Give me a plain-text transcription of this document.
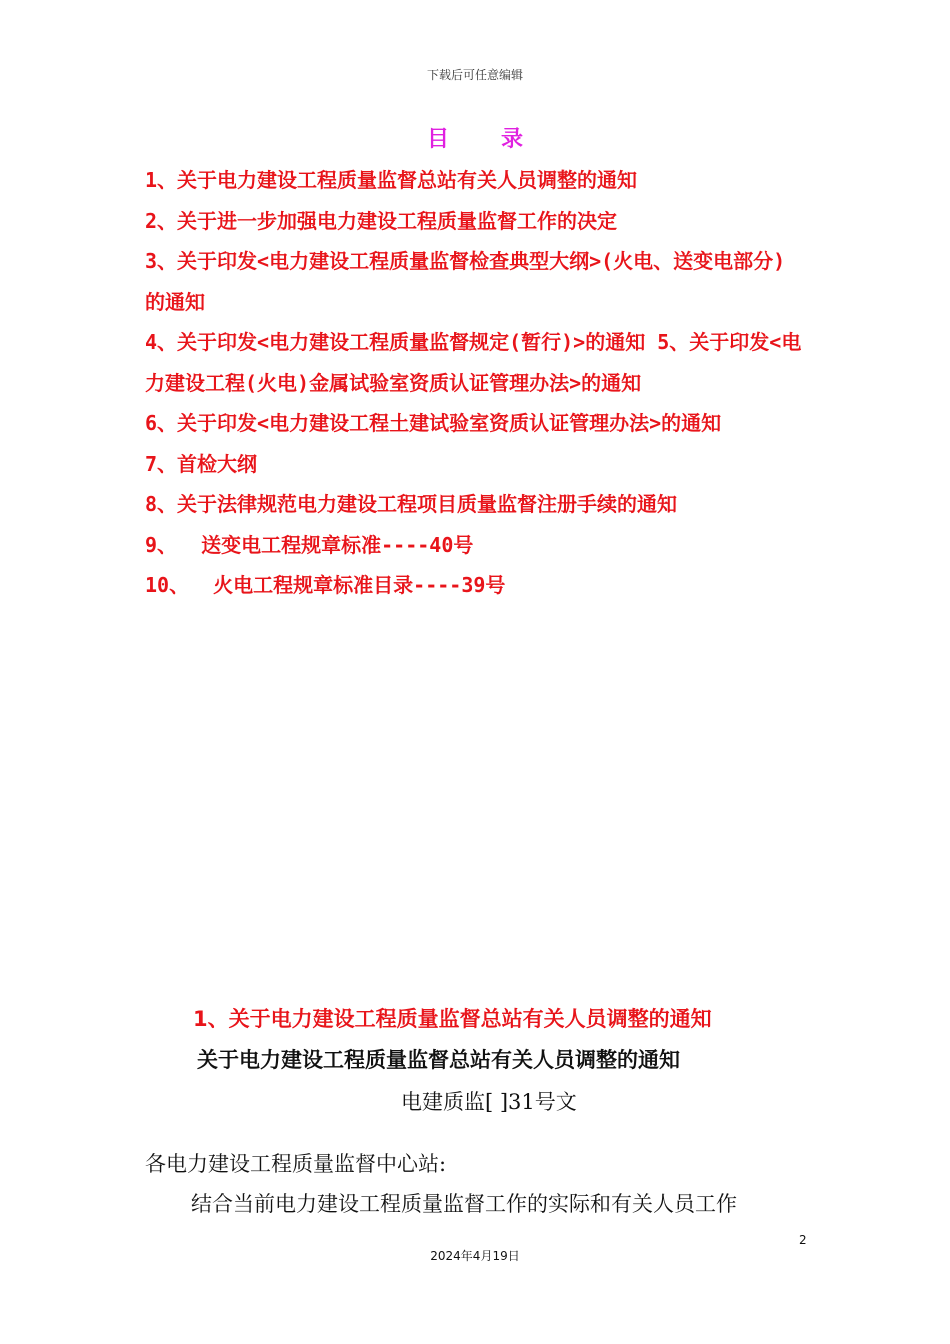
下载后可任意编辑
目 录
1、关于电力建设工程质量监督总站有关人员调整的通知
2、关于进一步加强电力建设工程质量监督工作的决定
3、关于印发<电力建设工程质量监督检查典型大纲>(火电、送变电部分)
的通知
4、关于印发<电力建设工程质量监督规定(暂行)>的通知 5、关于印发<电
力建设工程(火电)金属试验室资质认证管理办法>的通知
6、关于印发<电力建设工程土建试验室资质认证管理办法>的通知
7、首检大纲
8、关于法律规范电力建设工程项目质量监督注册手续的通知
9、  送变电工程规章标准----40号
10、  火电工程规章标准目录----39号
1、关于电力建设工程质量监督总站有关人员调整的通知
关于电力建设工程质量监督总站有关人员调整的通知
电建质监[ ]31号文
各电力建设工程质量监督中心站:
结合当前电力建设工程质量监督工作的实际和有关人员工作
2
2024年4月19日
